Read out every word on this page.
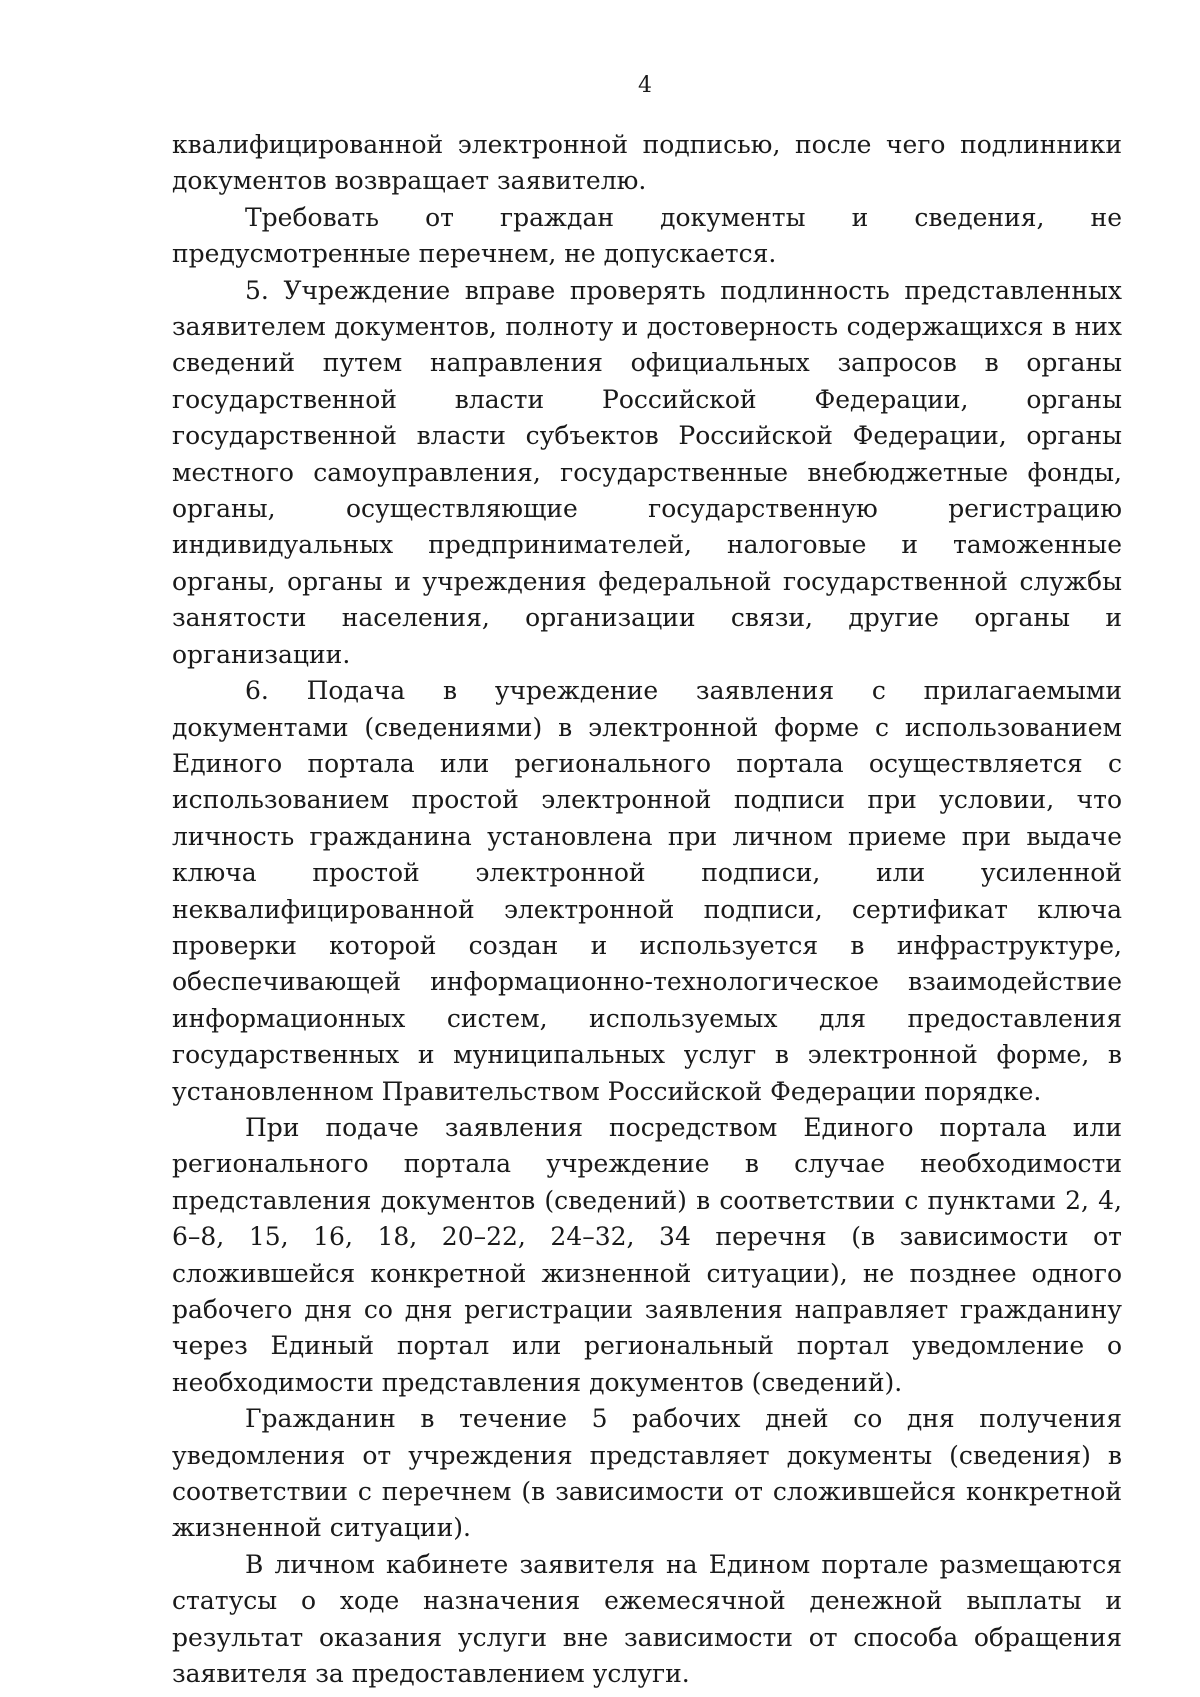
4

квалифицированной электронной подписью, после чего подлинники документов возвращает заявителю.

Требовать от граждан документы и сведения, не предусмотренные перечнем, не допускается.

5. Учреждение вправе проверять подлинность представленных заявителем документов, полноту и достоверность содержащихся в них сведений путем направления официальных запросов в органы государственной власти Российской Федерации, органы государственной власти субъектов Российской Федерации, органы местного самоуправления, государственные внебюджетные фонды, органы, осуществляющие государственную регистрацию индивидуальных предпринимателей, налоговые и таможенные органы, органы и учреждения федеральной государственной службы занятости населения, организации связи, другие органы и организации.

6. Подача в учреждение заявления с прилагаемыми документами (сведениями) в электронной форме с использованием Единого портала или регионального портала осуществляется с использованием простой электронной подписи при условии, что личность гражданина установлена при личном приеме при выдаче ключа простой электронной подписи, или усиленной неквалифицированной электронной подписи, сертификат ключа проверки которой создан и используется в инфраструктуре, обеспечивающей информационно-технологическое взаимодействие информационных систем, используемых для предоставления государственных и муниципальных услуг в электронной форме, в установленном Правительством Российской Федерации порядке.

При подаче заявления посредством Единого портала или регионального портала учреждение в случае необходимости представления документов (сведений) в соответствии с пунктами 2, 4, 6–8, 15, 16, 18, 20–22, 24–32, 34 перечня (в зависимости от сложившейся конкретной жизненной ситуации), не позднее одного рабочего дня со дня регистрации заявления направляет гражданину через Единый портал или региональный портал уведомление о необходимости представления документов (сведений).

Гражданин в течение 5 рабочих дней со дня получения уведомления от учреждения представляет документы (сведения) в соответствии с перечнем (в зависимости от сложившейся конкретной жизненной ситуации).

В личном кабинете заявителя на Едином портале размещаются статусы о ходе назначения ежемесячной денежной выплаты и результат оказания услуги вне зависимости от способа обращения заявителя за предоставлением услуги.
